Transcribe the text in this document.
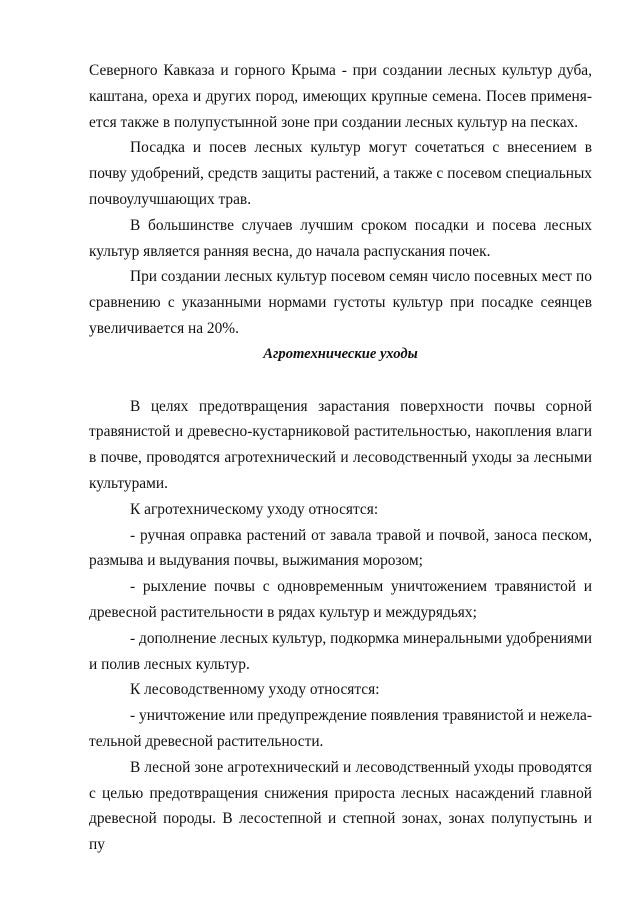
Северного Кавказа и горного Крыма - при создании лесных культур дуба, каштана, ореха и других пород, имеющих крупные семена. Посев применяется также в полупустынной зоне при создании лесных культур на песках.

Посадка и посев лесных культур могут сочетаться с внесением в почву удобрений, средств защиты растений, а также с посевом специальных почвоулучшающих трав.

В большинстве случаев лучшим сроком посадки и посева лесных культур является ранняя весна, до начала распускания почек.

При создании лесных культур посевом семян число посевных мест по сравнению с указанными нормами густоты культур при посадке сеянцев увеличивается на 20%.

Агротехнические уходы

В целях предотвращения зарастания поверхности почвы сорной травянистой и древесно-кустарниковой растительностью, накопления влаги в почве, проводятся агротехнический и лесоводственный уходы за лесными культурами.

К агротехническому уходу относятся:

- ручная оправка растений от завала травой и почвой, заноса песком, размыва и выдувания почвы, выжимания морозом;

- рыхление почвы с одновременным уничтожением травянистой и древесной растительности в рядах культур и междурядьях;

- дополнение лесных культур, подкормка минеральными удобрениями и полив лесных культур.

К лесоводственному уходу относятся:

- уничтожение или предупреждение появления травянистой и нежелательной древесной растительности.

В лесной зоне агротехнический и лесоводственный уходы проводятся с целью предотвращения снижения прироста лесных насаждений главной древесной породы. В лесостепной и степной зонах, зонах полупустынь и пу
